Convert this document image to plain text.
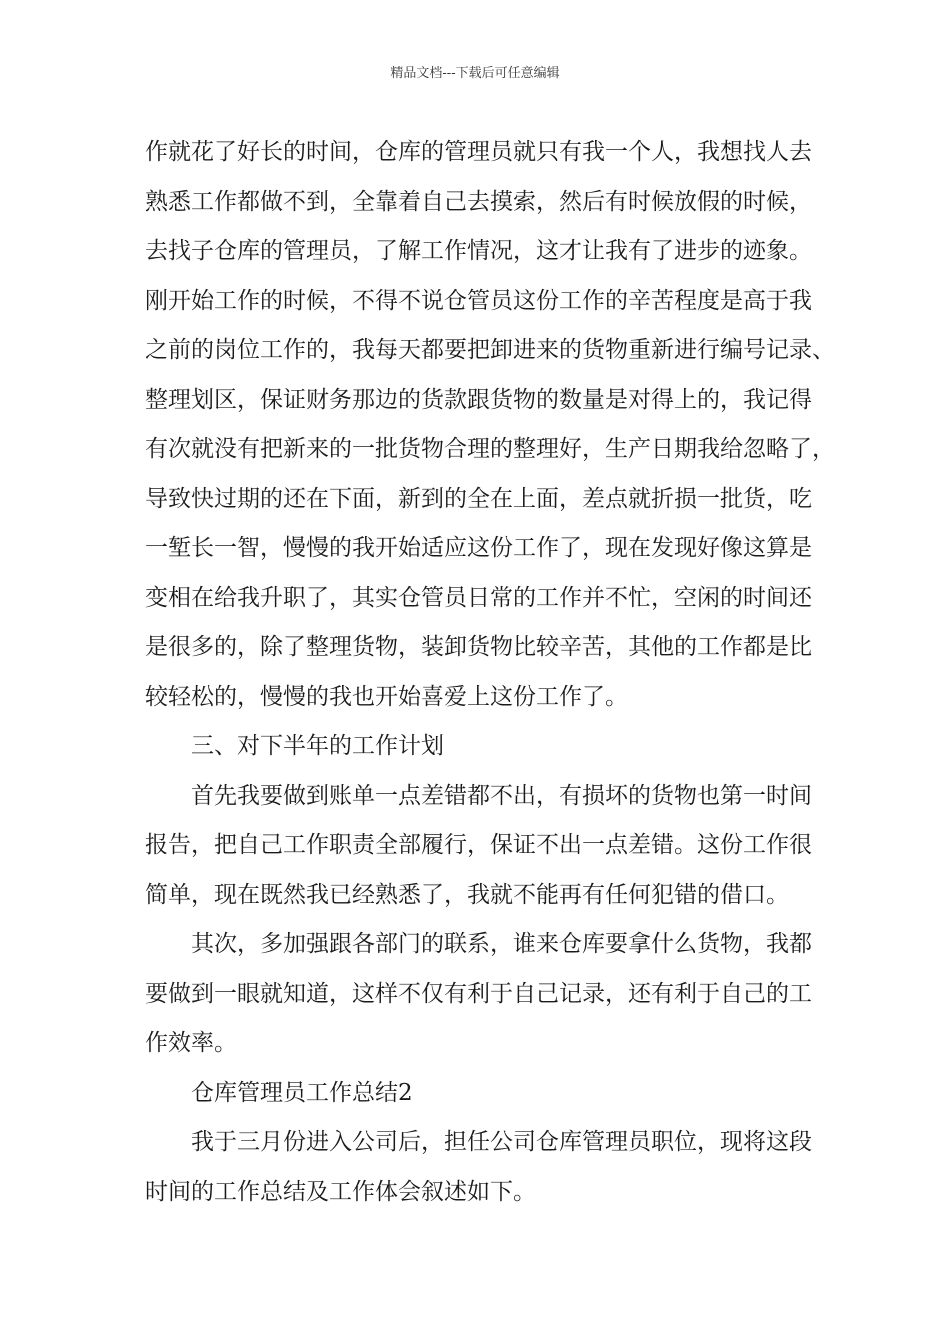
精品文档---下载后可任意编辑
作就花了好长的时间，仓库的管理员就只有我一个人，我想找人去
熟悉工作都做不到，全靠着自己去摸索，然后有时候放假的时候，
去找子仓库的管理员，了解工作情况，这才让我有了进步的迹象。
刚开始工作的时候，不得不说仓管员这份工作的辛苦程度是高于我
之前的岗位工作的，我每天都要把卸进来的货物重新进行编号记录、
整理划区，保证财务那边的货款跟货物的数量是对得上的，我记得
有次就没有把新来的一批货物合理的整理好，生产日期我给忽略了，
导致快过期的还在下面，新到的全在上面，差点就折损一批货，吃
一堑长一智，慢慢的我开始适应这份工作了，现在发现好像这算是
变相在给我升职了，其实仓管员日常的工作并不忙，空闲的时间还
是很多的，除了整理货物，装卸货物比较辛苦，其他的工作都是比
较轻松的，慢慢的我也开始喜爱上这份工作了。
三、对下半年的工作计划
首先我要做到账单一点差错都不出，有损坏的货物也第一时间
报告，把自己工作职责全部履行，保证不出一点差错。这份工作很
简单，现在既然我已经熟悉了，我就不能再有任何犯错的借口。
其次，多加强跟各部门的联系，谁来仓库要拿什么货物，我都
要做到一眼就知道，这样不仅有利于自己记录，还有利于自己的工
作效率。
仓库管理员工作总结2
我于三月份进入公司后，担任公司仓库管理员职位，现将这段
时间的工作总结及工作体会叙述如下。
